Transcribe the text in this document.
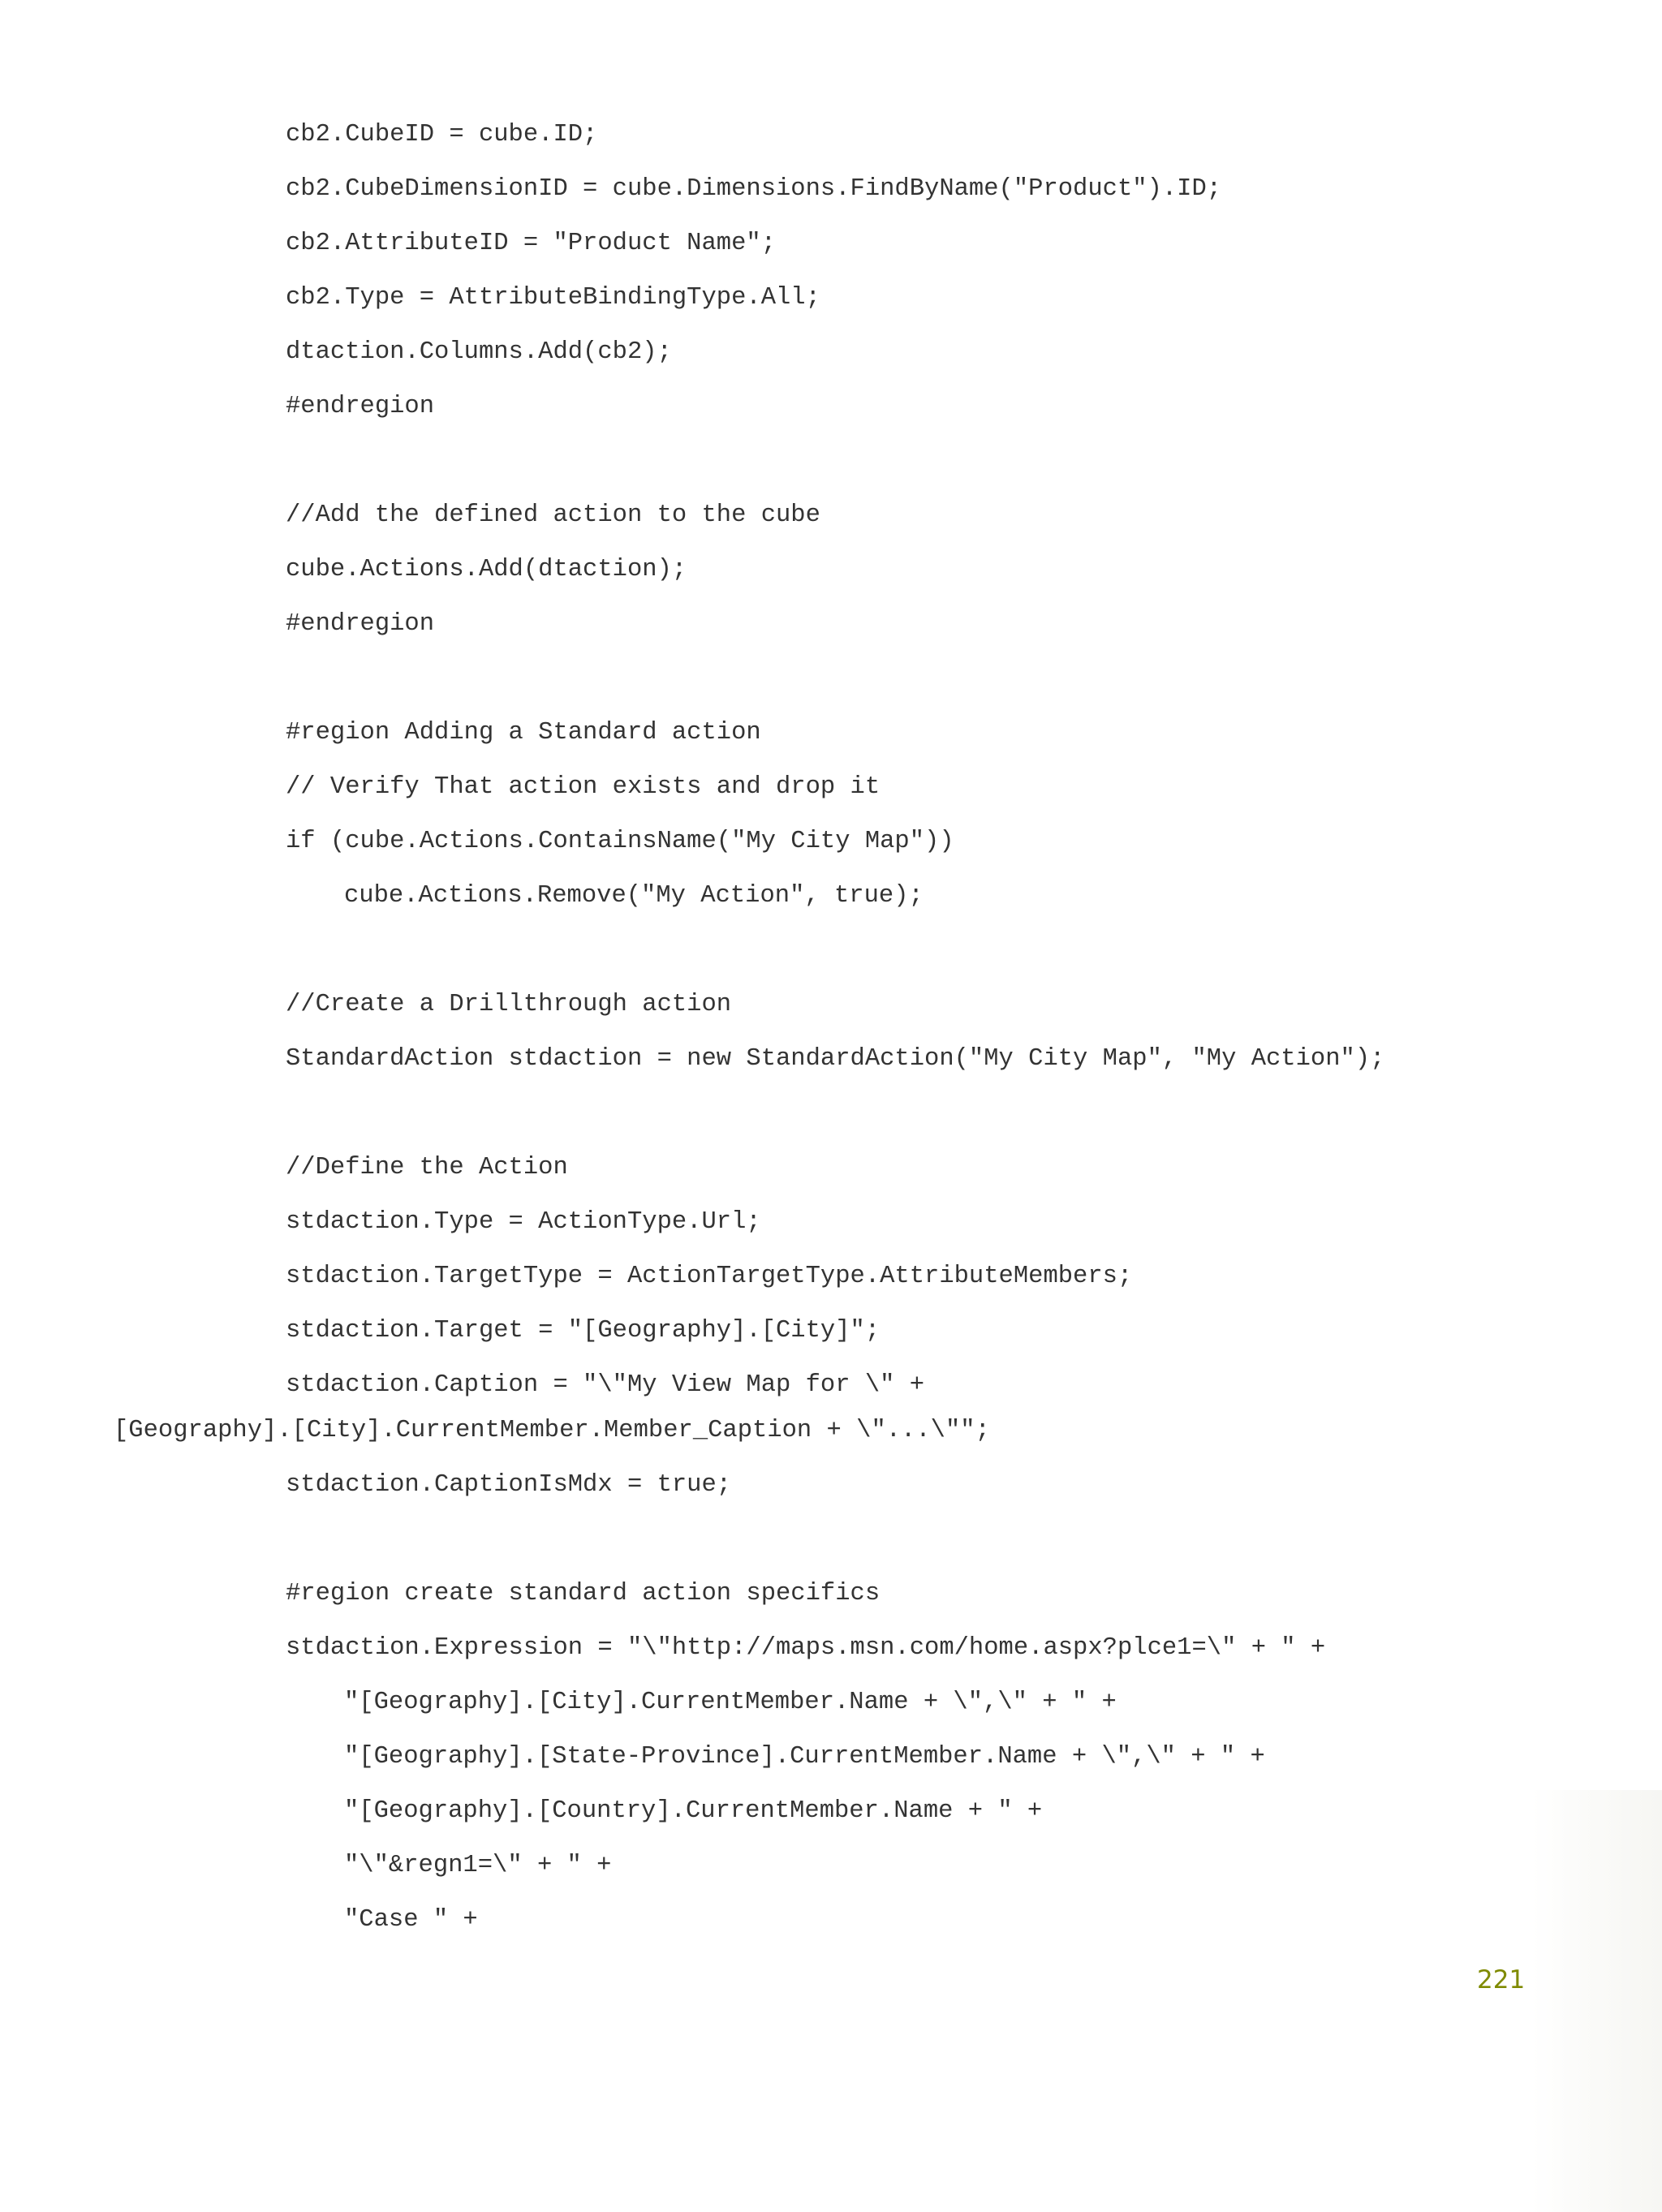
cb2.CubeID = cube.ID;
cb2.CubeDimensionID = cube.Dimensions.FindByName("Product").ID;
cb2.AttributeID = "Product Name";
cb2.Type = AttributeBindingType.All;
dtaction.Columns.Add(cb2);
#endregion
//Add the defined action to the cube
cube.Actions.Add(dtaction);
#endregion
#region Adding a Standard action
// Verify That action exists and drop it
if (cube.Actions.ContainsName("My City Map"))
cube.Actions.Remove("My Action", true);
//Create a Drillthrough action
StandardAction stdaction = new StandardAction("My City Map", "My Action");
//Define the Action
stdaction.Type = ActionType.Url;
stdaction.TargetType = ActionTargetType.AttributeMembers;
stdaction.Target = "[Geography].[City]";
stdaction.Caption = "\"My View Map for \" +
[Geography].[City].CurrentMember.Member_Caption + \"...\"";
stdaction.CaptionIsMdx = true;
#region create standard action specifics
stdaction.Expression = "\"http://maps.msn.com/home.aspx?plce1=\" + " +
"[Geography].[City].CurrentMember.Name + \",\" + " +
"[Geography].[State-Province].CurrentMember.Name + \",\" + " +
"[Geography].[Country].CurrentMember.Name + " +
"\"&regn1=\" + " +
"Case " +
221
